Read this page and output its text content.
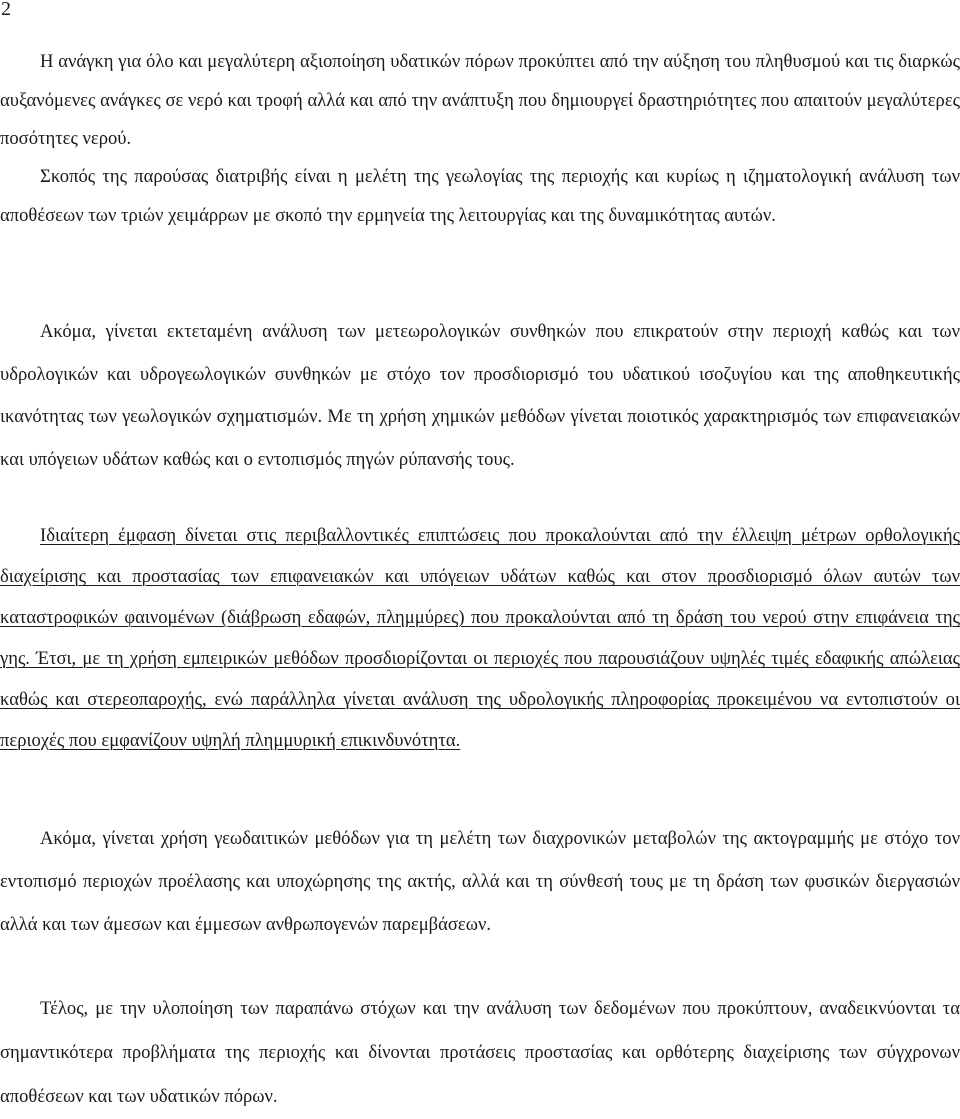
2

Η ανάγκη για όλο και μεγαλύτερη αξιοποίηση υδατικών πόρων προκύπτει από την αύξηση του πληθυσμού και τις διαρκώς αυξανόμενες ανάγκες σε νερό και τροφή αλλά και από την ανάπτυξη που δημιουργεί δραστηριότητες που απαιτούν μεγαλύτερες ποσότητες νερού.

Σκοπός της παρούσας διατριβής είναι η μελέτη της γεωλογίας της περιοχής και κυρίως η ιζηματολογική ανάλυση των αποθέσεων των τριών χειμάρρων με σκοπό την ερμηνεία της λειτουργίας και της δυναμικότητας αυτών.

Ακόμα, γίνεται εκτεταμένη ανάλυση των μετεωρολογικών συνθηκών που επικρατούν στην περιοχή καθώς και των υδρολογικών και υδρογεωλογικών συνθηκών με στόχο τον προσδιορισμό του υδατικού ισοζυγίου και της αποθηκευτικής ικανότητας των γεωλογικών σχηματισμών. Με τη χρήση χημικών μεθόδων γίνεται ποιοτικός χαρακτηρισμός των επιφανειακών και υπόγειων υδάτων καθώς και ο εντοπισμός πηγών ρύπανσής τους.

Ιδιαίτερη έμφαση δίνεται στις περιβαλλοντικές επιπτώσεις που προκαλούνται από την έλλειψη μέτρων ορθολογικής διαχείρισης και προστασίας των επιφανειακών και υπόγειων υδάτων καθώς και στον προσδιορισμό όλων αυτών των καταστροφικών φαινομένων (διάβρωση εδαφών, πλημμύρες) που προκαλούνται από τη δράση του νερού στην επιφάνεια της γης. Έτσι, με τη χρήση εμπειρικών μεθόδων προσδιορίζονται οι περιοχές που παρουσιάζουν υψηλές τιμές εδαφικής απώλειας καθώς και στερεοπαροχής, ενώ παράλληλα γίνεται ανάλυση της υδρολογικής πληροφορίας προκειμένου να εντοπιστούν οι περιοχές που εμφανίζουν υψηλή πλημμυρική επικινδυνότητα.

Ακόμα, γίνεται χρήση γεωδαιτικών μεθόδων για τη μελέτη των διαχρονικών μεταβολών της ακτογραμμής με στόχο τον εντοπισμό περιοχών προέλασης και υποχώρησης της ακτής, αλλά και τη σύνθεσή τους με τη δράση των φυσικών διεργασιών αλλά και των άμεσων και έμμεσων ανθρωπογενών παρεμβάσεων.

Τέλος, με την υλοποίηση των παραπάνω στόχων και την ανάλυση των δεδομένων που προκύπτουν, αναδεικνύονται τα σημαντικότερα προβλήματα της περιοχής και δίνονται προτάσεις προστασίας και ορθότερης διαχείρισης των σύγχρονων αποθέσεων και των υδατικών πόρων.
